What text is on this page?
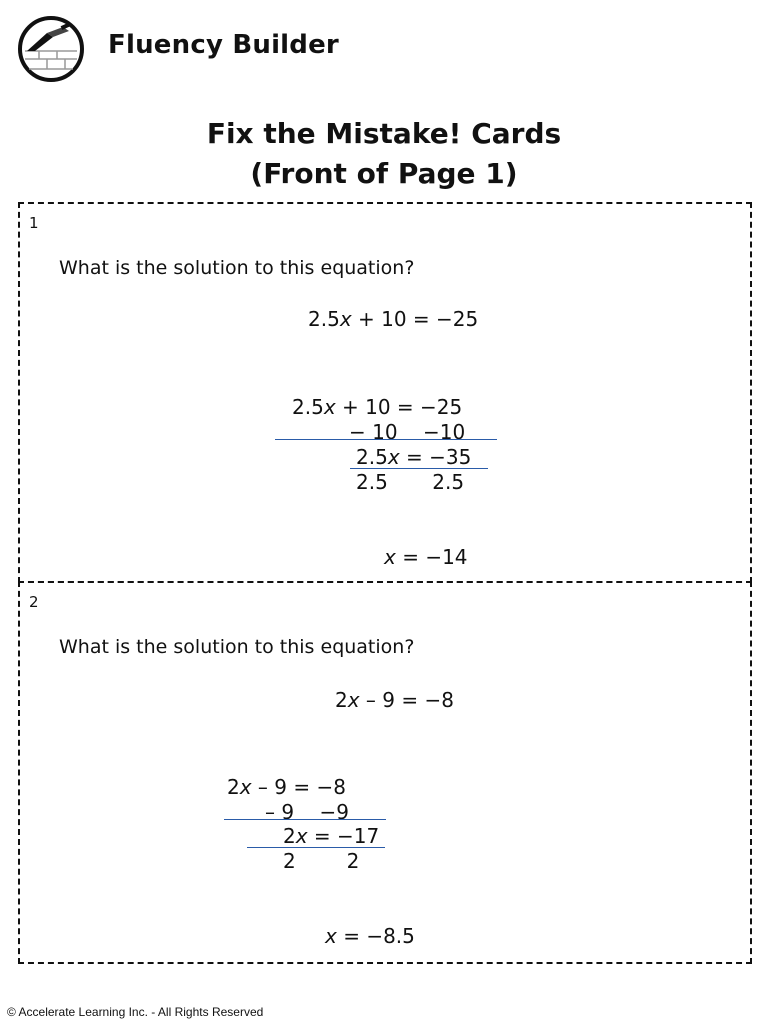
Fluency Builder
Fix the Mistake! Cards
(Front of Page 1)
1
What is the solution to this equation?
2.5x + 10 = −25
2.5x + 10 = −25
− 10    −10
2.5x = −35
2.5       2.5
x = −14
2
What is the solution to this equation?
2x – 9 = −8
2x – 9 = −8
– 9    −9
2x = −17
2        2
x = −8.5
© Accelerate Learning Inc. - All Rights Reserved
